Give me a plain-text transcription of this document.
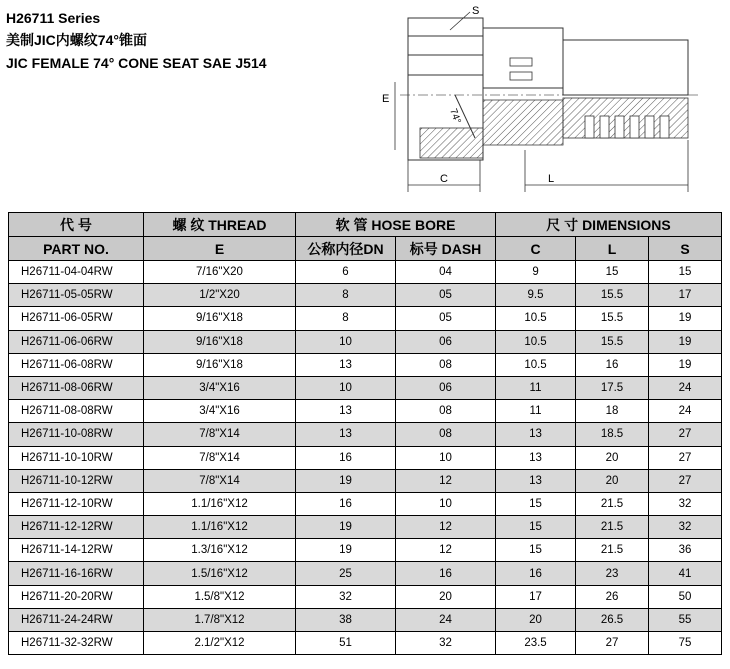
H26711 Series
美制JIC内螺纹74°锥面
JIC FEMALE 74° CONE SEAT SAE J514
S
E
74°
C	L
代 号	螺 纹 THREAD	软 管 HOSE BORE		尺 寸 DIMENSIONS		
PART NO.	E	公称内径DN	标号 DASH	C	L	S
H26711-04-04RW	7/16"X20	6	04	9	15	15
H26711-05-05RW	1/2"X20	8	05	9.5	15.5	17
H26711-06-05RW	9/16"X18	8	05	10.5	15.5	19
H26711-06-06RW	9/16"X18	10	06	10.5	15.5	19
H26711-06-08RW	9/16"X18	13	08	10.5	16	19
H26711-08-06RW	3/4"X16	10	06	11	17.5	24
H26711-08-08RW	3/4"X16	13	08	11	18	24
H26711-10-08RW	7/8"X14	13	08	13	18.5	27
H26711-10-10RW	7/8"X14	16	10	13	20	27
H26711-10-12RW	7/8"X14	19	12	13	20	27
H26711-12-10RW	1.1/16"X12	16	10	15	21.5	32
H26711-12-12RW	1.1/16"X12	19	12	15	21.5	32
H26711-14-12RW	1.3/16"X12	19	12	15	21.5	36
H26711-16-16RW	1.5/16"X12	25	16	16	23	41
H26711-20-20RW	1.5/8"X12	32	20	17	26	50
H26711-24-24RW	1.7/8"X12	38	24	20	26.5	55
H26711-32-32RW	2.1/2"X12	51	32	23.5	27	75
